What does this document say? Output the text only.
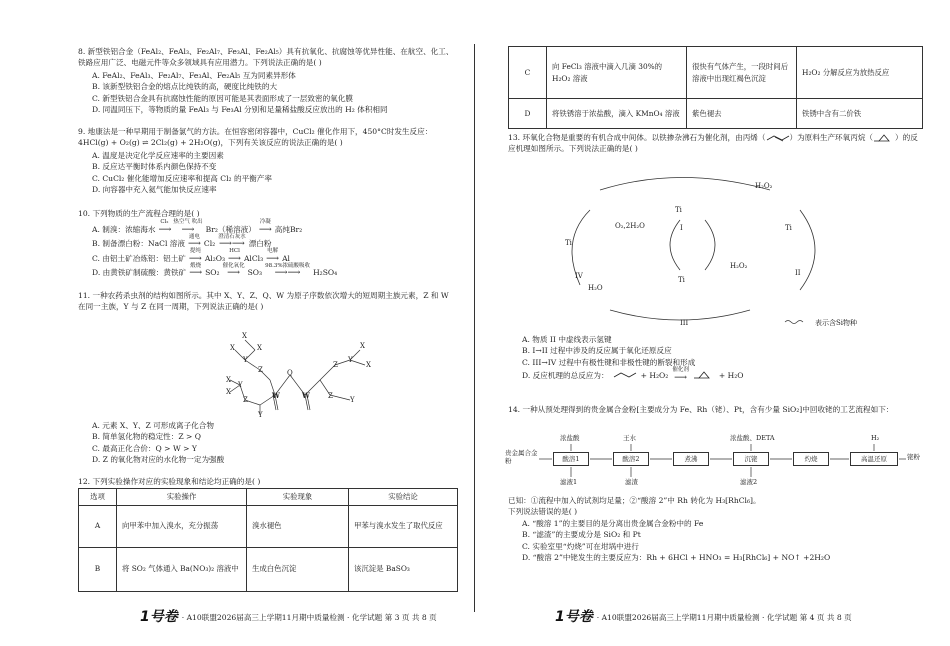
8. 新型铁铝合金（FeAl₂、FeAl₃、Fe₂Al₇、Fe₃Al、Fe₂Al₅）具有抗氧化、抗腐蚀等优异性能、在航空、化工、铁路应用广泛、电磁元件等众多领域具有应用潜力。下列说法正确的是( )
A. FeAl₂、FeAl₃、Fe₂Al₇、Fe₃Al、Fe₂Al₅ 互为同素异形体
B. 该新型铁铝合金的熔点比纯铁的高，硬度比纯铁的大
C. 新型铁铝合金具有抗腐蚀性能的原因可能是其表面形成了一层致密的氧化膜
D. 同温同压下，等物质的量 FeAl₃ 与 Fe₃Al 分别和足量稀盐酸反应放出的 H₂ 体积相同
9. 地康法是一种早期用于制备氯气的方法。在恒容密闭容器中，CuCl₂ 催化作用下，450°C时发生反应：4HCl(g) + O₂(g) ⇌ 2Cl₂(g) + 2H₂O(g)，下列有关该反应的说法正确的是( )
A. 温度是决定化学反应速率的主要因素
B. 反应达平衡时体系内颜色保持不变
C. CuCl₂ 催化能增加反应速率和提高 Cl₂ 的平衡产率
D. 向容器中充入氦气能加快反应速率
10. 下列物质的生产流程合理的是( )
A. 制溴：浓缩海水
Cl₂
⟶
热空气 吹出
⟶ Br₂（稀溶液）
冷凝
⟶ 高纯Br₂
B. 制备漂白粉：NaCl 溶液
通电
⟶ Cl₂
澄清石灰水
⟶⟶ 漂白粉
C. 由铝土矿冶炼铝：铝土矿
提纯
⟶ Al₂O₃
HCl
⟶ AlCl₃
电解
⟶ Al
D. 由黄铁矿制硫酸：黄铁矿
煅烧
⟶ SO₂
催化氧化
⟶ SO₃
98.3%浓硫酸吸收
⟶⟶ H₂SO₄
11. 一种农药杀虫剂的结构如图所示。其中 X、Y、Z、Q、W 为原子序数依次增大的短周期主族元素，Z 和 W 在同一主族，Y 与 Z 在同一周期，下列说法正确的是( )
X
X	X
Y
Z
W
Q
W
X
Y
X
Z
Y
Z
Y
X
X
Z Y
A. 元素 X、Y、Z 可形成离子化合物
B. 简单氢化物的稳定性：Z > Q
C. 最高正化合价：Q > W > Y
D. Z 的氧化物对应的水化物一定为强酸
12. 下列实验操作对应的实验现象和结论均正确的是( )
选项	实验操作	实验现象	实验结论
A	向甲苯中加入溴水，充分振荡	溴水褪色	甲苯与溴水发生了取代反应
B	将 SO₂ 气体通入 Ba(NO₃)₂ 溶液中	生成白色沉淀	该沉淀是 BaSO₃
1号卷 · A10联盟2026届高三上学期11月期中质量检测 · 化学试题 第 3 页 共 8 页
C	向 FeCl₃ 溶液中滴入几滴 30%的 H₂O₂ 溶液	很快有气体产生，一段时间后溶液中出现红褐色沉淀	H₂O₂ 分解反应为放热反应
D	将铁锈溶于浓盐酸，滴入 KMnO₄ 溶液	紫色褪去	铁锈中含有二价铁
13. 环氧化合物是重要的有机合成中间体。以铁掺杂沸石为催化剂，由丙烯（	）为原料生产环氧丙烷（	）的反应机理如图所示。下列说法正确的是( )
Ti
I
H₂O₂
Ti
II
Ti
III
Ti
IV
H₂O
O₂,2H₂O
H₂O₂
表示含Si物种
A. 物质 II 中虚线表示氢键
B. I→II 过程中涉及的反应属于氧化还原反应
C. III→IV 过程中有极性键和非极性键的断裂和形成
D. 反应机理的总反应为：	+ H₂O₂
催化剂
⟶	+ H₂O
14. 一种从预处理得到的贵金属合金粉[主要成分为 Fe、Rh（铑）、Pt，含有少量 SiO₂]中回收铑的工艺流程如下：
贵金属合金粉	酸溶1	酸溶2	煮沸	沉铑	灼烧	高温还原	铑粉
浓盐酸	王水	浓盐酸、DETA	H₂
滤液1	滤渣	滤液2
已知：①流程中加入的试剂均足量；②“酸溶 2”中 Rh 转化为 H₃[RhCl₆]。
下列说法错误的是( )
A. “酸溶 1”的主要目的是分离出贵金属合金粉中的 Fe
B. “滤渣”的主要成分是 SiO₂ 和 Pt
C. 实验室里“灼烧”可在坩埚中进行
D. “酸溶 2”中铑发生的主要反应为：Rh + 6HCl + HNO₃ = H₃[RhCl₆] + NO↑ +2H₂O
1号卷 · A10联盟2026届高三上学期11月期中质量检测 · 化学试题 第 4 页 共 8 页
